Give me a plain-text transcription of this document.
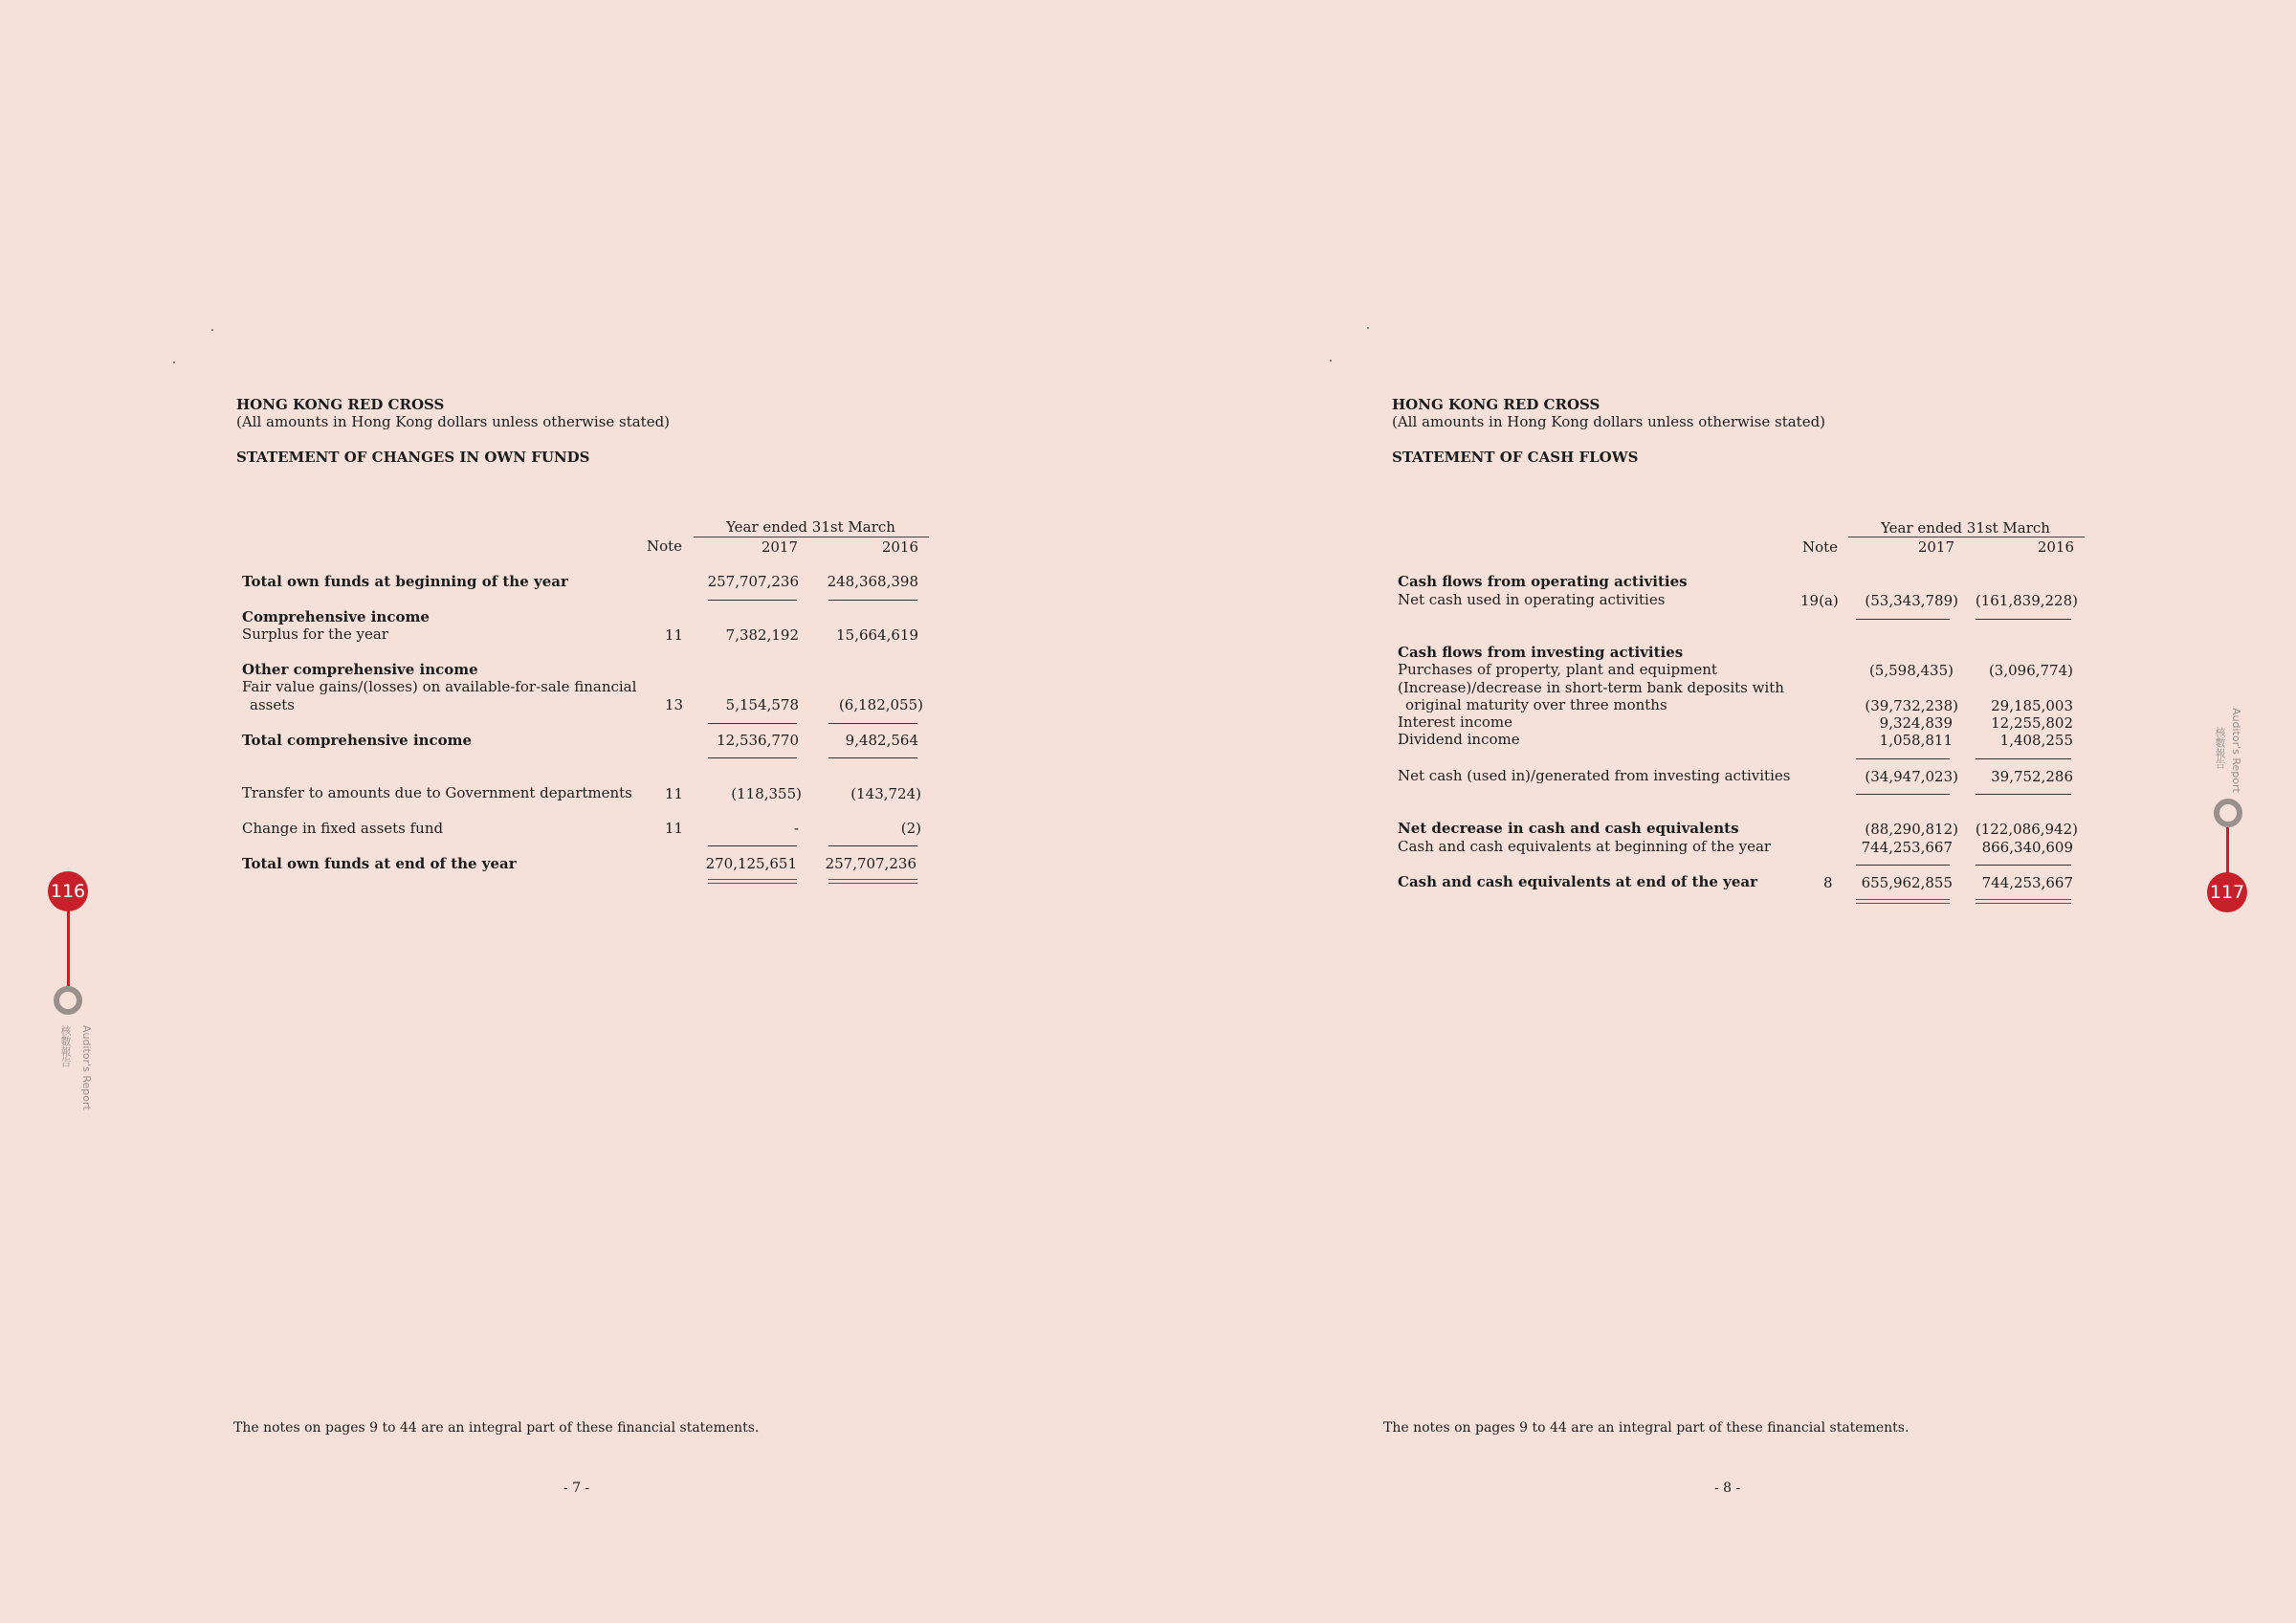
HONG KONG RED CROSS
(All amounts in Hong Kong dollars unless otherwise stated)
STATEMENT OF CHANGES IN OWN FUNDS
Year ended 31st March
Note	2017	2016
Total own funds at beginning of the year	257,707,236	248,368,398
Comprehensive income
Surplus for the year	11	7,382,192	15,664,619
Other comprehensive income
Fair value gains/(losses) on available-for-sale financial
assets	13	5,154,578	(6,182,055)
Total comprehensive income	12,536,770	9,482,564
Transfer to amounts due to Government departments 11	(118,355)	(143,724)
Change in fixed assets fund	11	-	(2)
Total own funds at end of the year	270,125,651	257,707,236
The notes on pages 9 to 44 are an integral part of these financial statements.
- 7 -
116
Auditor's Report
核數報告
HONG KONG RED CROSS
(All amounts in Hong Kong dollars unless otherwise stated)
STATEMENT OF CASH FLOWS
Year ended 31st March
Note	2017	2016
Cash flows from operating activities
Net cash used in operating activities	19(a)	(53,343,789)	(161,839,228)
Cash flows from investing activities
Purchases of property, plant and equipment	(5,598,435)	(3,096,774)
(Increase)/decrease in short-term bank deposits with
original maturity over three months	(39,732,238)	29,185,003
Interest income	9,324,839	12,255,802
Dividend income	1,058,811	1,408,255
Net cash (used in)/generated from investing activities	(34,947,023)	39,752,286
Net decrease in cash and cash equivalents	(88,290,812)	(122,086,942)
Cash and cash equivalents at beginning of the year	744,253,667	866,340,609
Cash and cash equivalents at end of the year	8	655,962,855	744,253,667
The notes on pages 9 to 44 are an integral part of these financial statements.
- 8 -
Auditor's Report
核數報告
117
